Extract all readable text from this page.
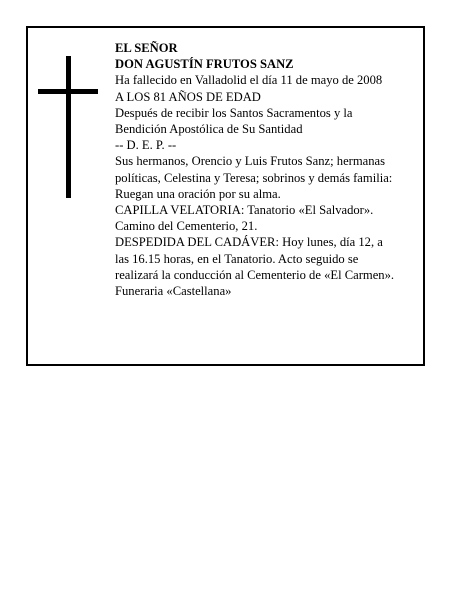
EL SEÑOR
DON AGUSTÍN FRUTOS SANZ
Ha fallecido en Valladolid el día 11 de mayo de 2008
A LOS 81 AÑOS DE EDAD
Después de recibir los Santos Sacramentos y la
Bendición Apostólica de Su Santidad
-- D. E. P. --
Sus hermanos, Orencio y Luis Frutos Sanz; hermanas
políticas, Celestina y Teresa; sobrinos y demás familia:
Ruegan una oración por su alma.
CAPILLA VELATORIA: Tanatorio «El Salvador».
Camino del Cementerio, 21.
DESPEDIDA DEL CADÁVER: Hoy lunes, día 12, a
las 16.15 horas, en el Tanatorio. Acto seguido se
realizará la conducción al Cementerio de «El Carmen».
Funeraria «Castellana»
